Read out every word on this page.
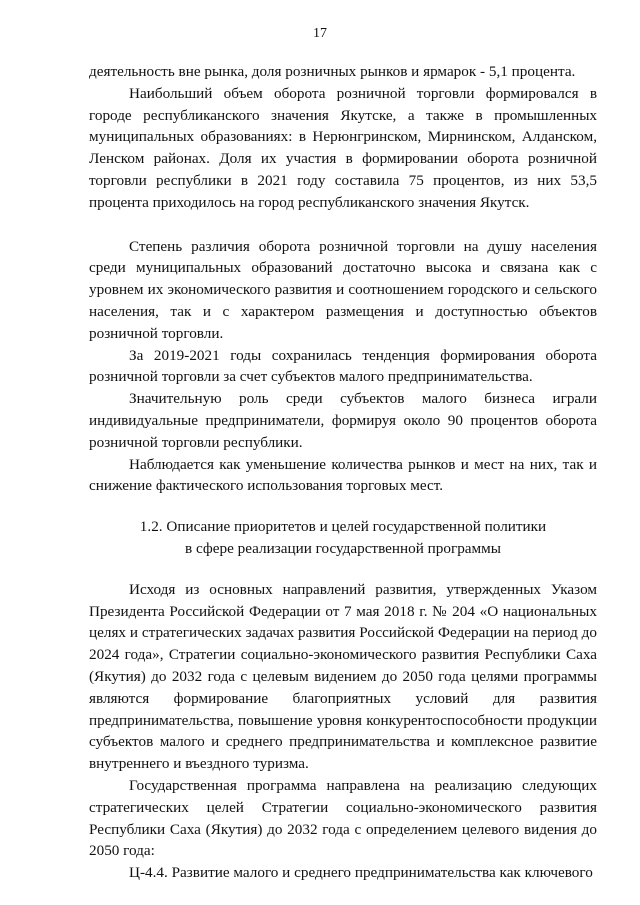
17

деятельность вне рынка, доля розничных рынков и ярмарок - 5,1 процента.

Наибольший объем оборота розничной торговли формировался в городе республиканского значения Якутске, а также в промышленных муниципальных образованиях: в Нерюнгринском, Мирнинском, Алданском, Ленском районах. Доля их участия в формировании оборота розничной торговли республики в 2021 году составила 75 процентов, из них 53,5 процента приходилось на город республиканского значения Якутск.

Степень различия оборота розничной торговли на душу населения среди муниципальных образований достаточно высока и связана как с уровнем их экономического развития и соотношением городского и сельского населения, так и с характером размещения и доступностью объектов розничной торговли.

За 2019-2021 годы сохранилась тенденция формирования оборота розничной торговли за счет субъектов малого предпринимательства.

Значительную роль среди субъектов малого бизнеса играли индивидуальные предприниматели, формируя около 90 процентов оборота розничной торговли республики.

Наблюдается как уменьшение количества рынков и мест на них, так и снижение фактического использования торговых мест.

1.2. Описание приоритетов и целей государственной политики
в сфере реализации государственной программы

Исходя из основных направлений развития, утвержденных Указом Президента Российской Федерации от 7 мая 2018 г. № 204 «О национальных целях и стратегических задачах развития Российской Федерации на период до 2024 года», Стратегии социально-экономического развития Республики Саха (Якутия) до 2032 года с целевым видением до 2050 года целями программы являются формирование благоприятных условий для развития предпринимательства, повышение уровня конкурентоспособности продукции субъектов малого и среднего предпринимательства и комплексное развитие внутреннего и въездного туризма.

Государственная программа направлена на реализацию следующих стратегических целей Стратегии социально-экономического развития Республики Саха (Якутия) до 2032 года с определением целевого видения до 2050 года:

Ц-4.4. Развитие малого и среднего предпринимательства как ключевого
